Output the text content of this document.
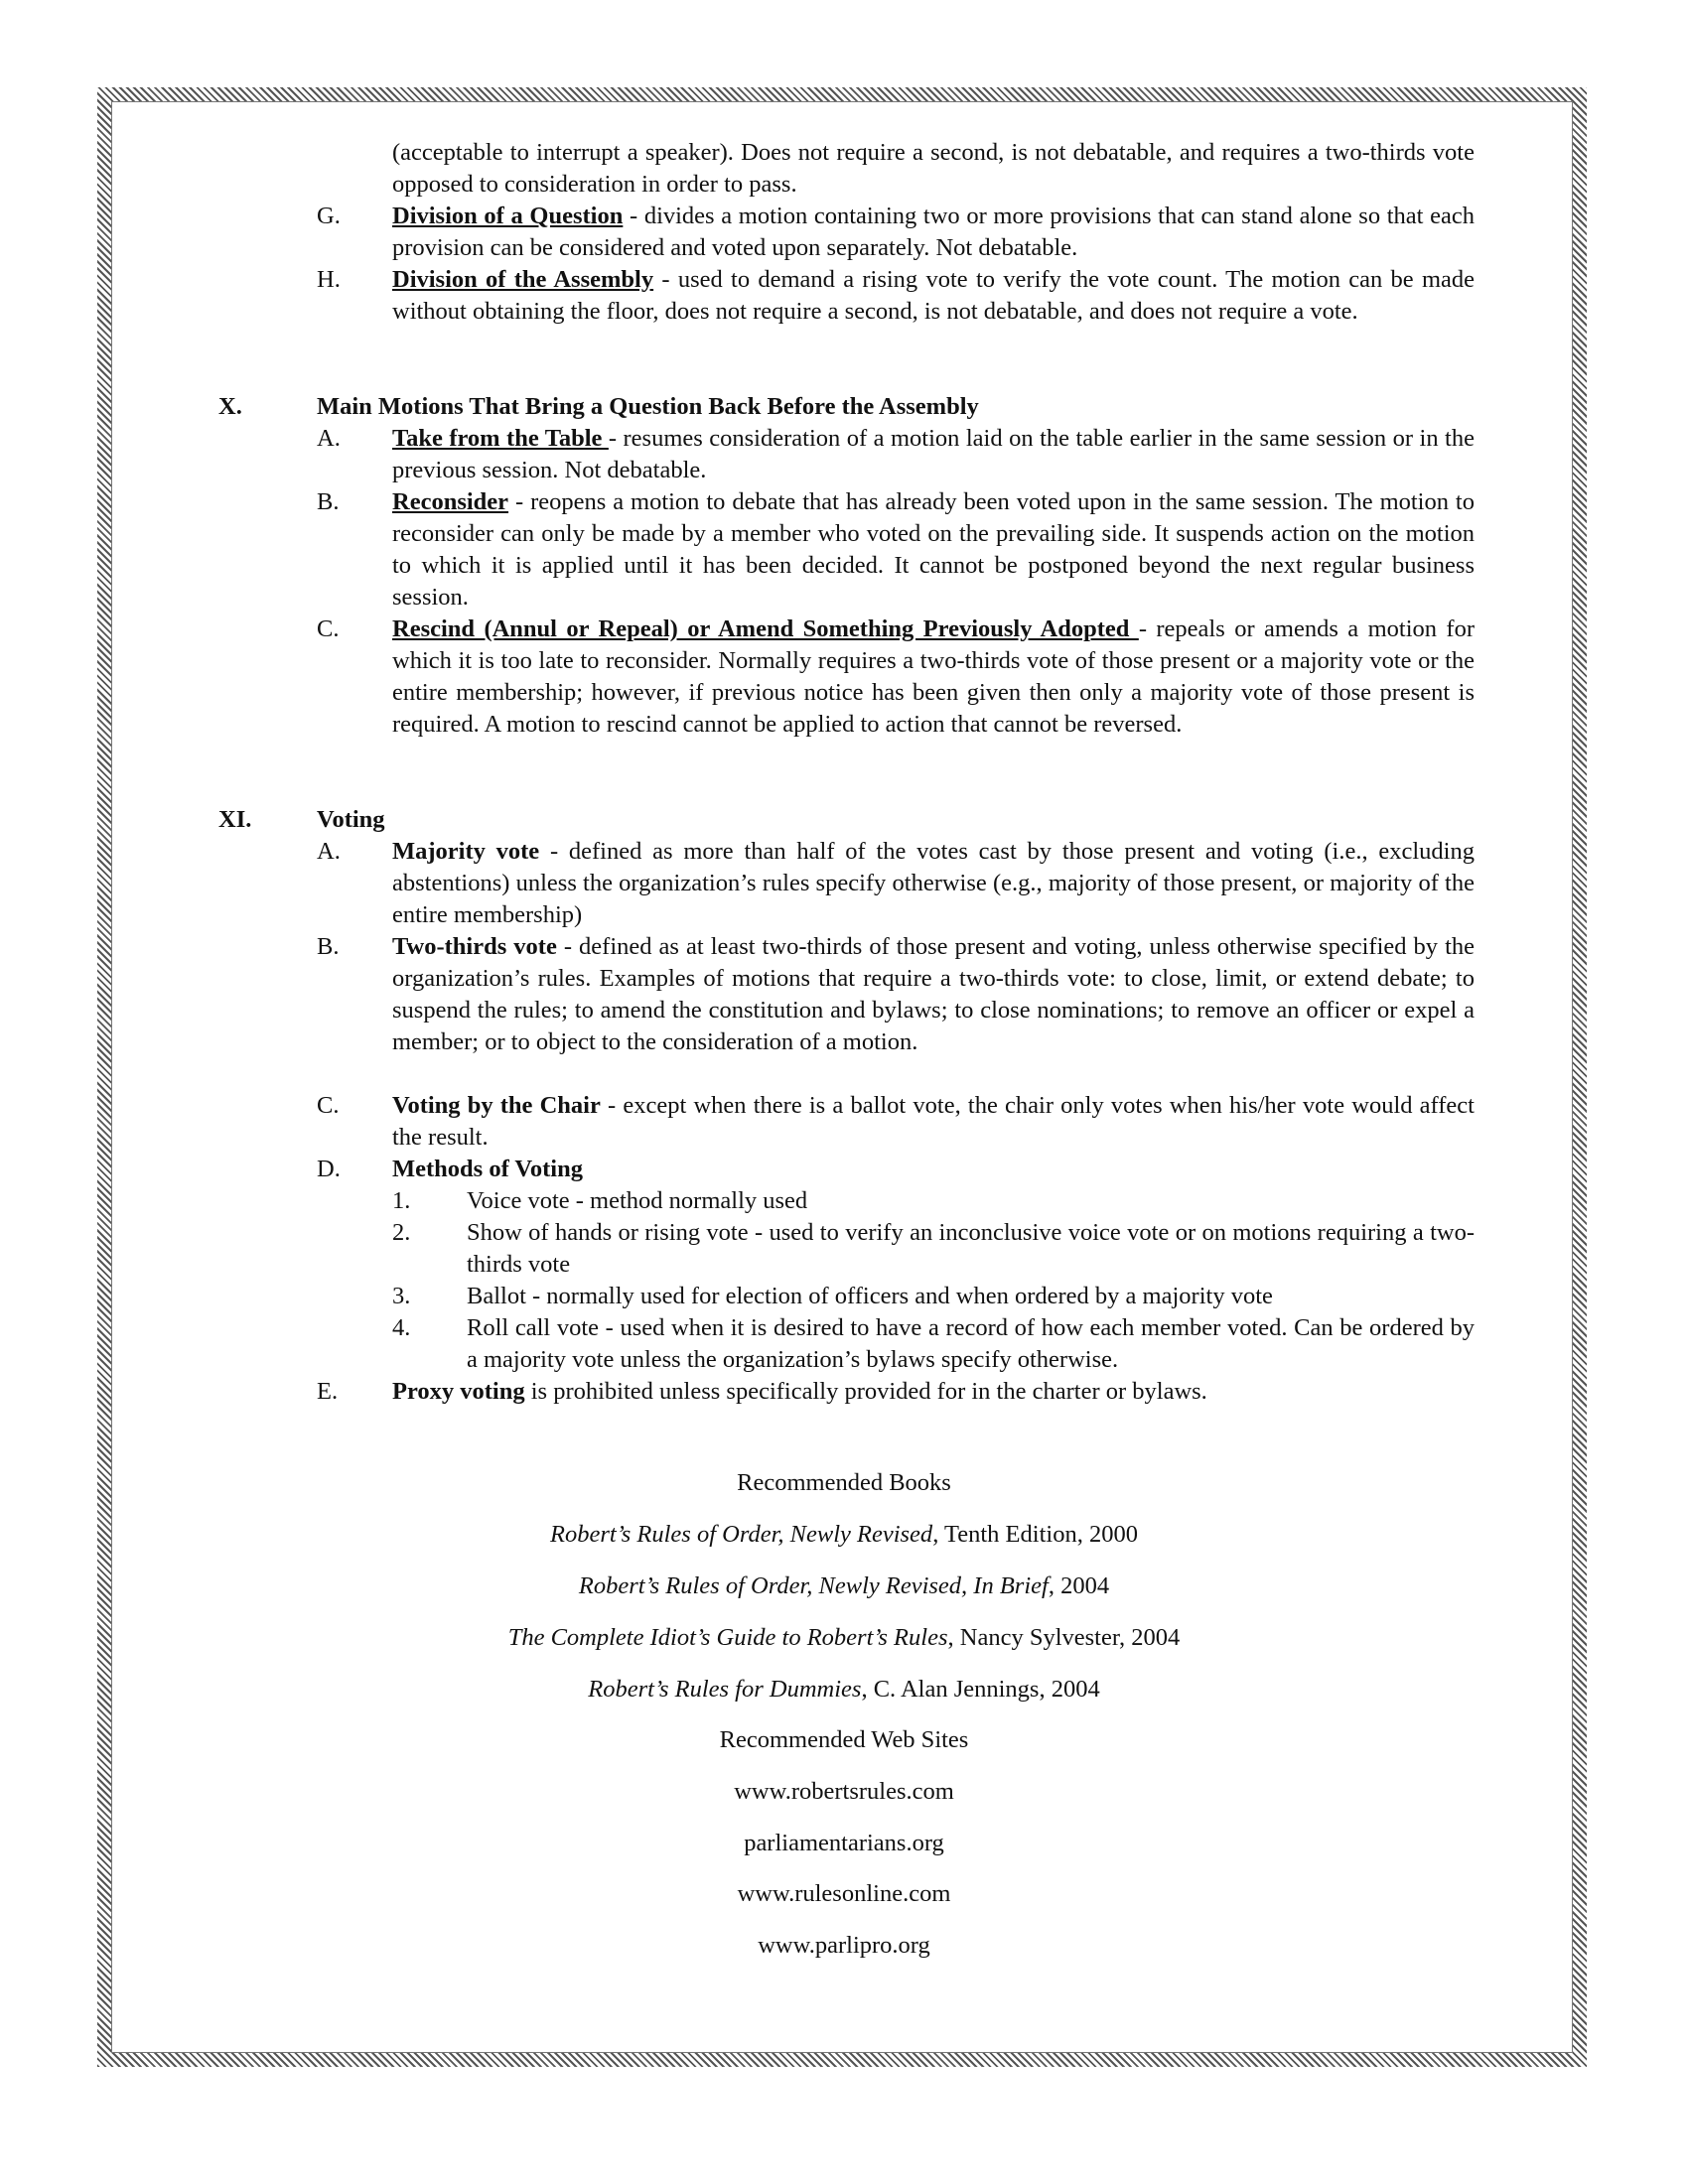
(acceptable to interrupt a speaker). Does not require a second, is not debatable, and requires a two-thirds vote opposed to consideration in order to pass.
G. Division of a Question - divides a motion containing two or more provisions that can stand alone so that each provision can be considered and voted upon separately. Not debatable.
H. Division of the Assembly - used to demand a rising vote to verify the vote count. The motion can be made without obtaining the floor, does not require a second, is not debatable, and does not require a vote.
X.	Main Motions That Bring a Question Back Before the Assembly
A. Take from the Table - resumes consideration of a motion laid on the table earlier in the same session or in the previous session. Not debatable.
B. Reconsider - reopens a motion to debate that has already been voted upon in the same session. The motion to reconsider can only be made by a member who voted on the prevailing side. It suspends action on the motion to which it is applied until it has been decided. It cannot be postponed beyond the next regular business session.
C. Rescind (Annul or Repeal) or Amend Something Previously Adopted - repeals or amends a motion for which it is too late to reconsider. Normally requires a two-thirds vote of those present or a majority vote or the entire membership; however, if previous notice has been given then only a majority vote of those present is required. A motion to rescind cannot be applied to action that cannot be reversed.
XI.	Voting
A. Majority vote - defined as more than half of the votes cast by those present and voting (i.e., excluding abstentions) unless the organization’s rules specify otherwise (e.g., majority of those present, or majority of the entire membership)
B. Two-thirds vote - defined as at least two-thirds of those present and voting, unless otherwise specified by the organization’s rules. Examples of motions that require a two-thirds vote: to close, limit, or extend debate; to suspend the rules; to amend the constitution and bylaws; to close nominations; to remove an officer or expel a member; or to object to the consideration of a motion.
C. Voting by the Chair - except when there is a ballot vote, the chair only votes when his/her vote would affect the result.
D. Methods of Voting
1. Voice vote - method normally used
2. Show of hands or rising vote - used to verify an inconclusive voice vote or on motions requiring a two-thirds vote
3. Ballot - normally used for election of officers and when ordered by a majority vote
4. Roll call vote - used when it is desired to have a record of how each member voted. Can be ordered by a majority vote unless the organization’s bylaws specify otherwise.
E. Proxy voting is prohibited unless specifically provided for in the charter or bylaws.
Recommended Books
Robert’s Rules of Order, Newly Revised, Tenth Edition, 2000
Robert’s Rules of Order, Newly Revised, In Brief, 2004
The Complete Idiot’s Guide to Robert’s Rules, Nancy Sylvester, 2004
Robert’s Rules for Dummies, C. Alan Jennings, 2004
Recommended Web Sites
www.robertsrules.com
parliamentarians.org
www.rulesonline.com
www.parlipro.org
